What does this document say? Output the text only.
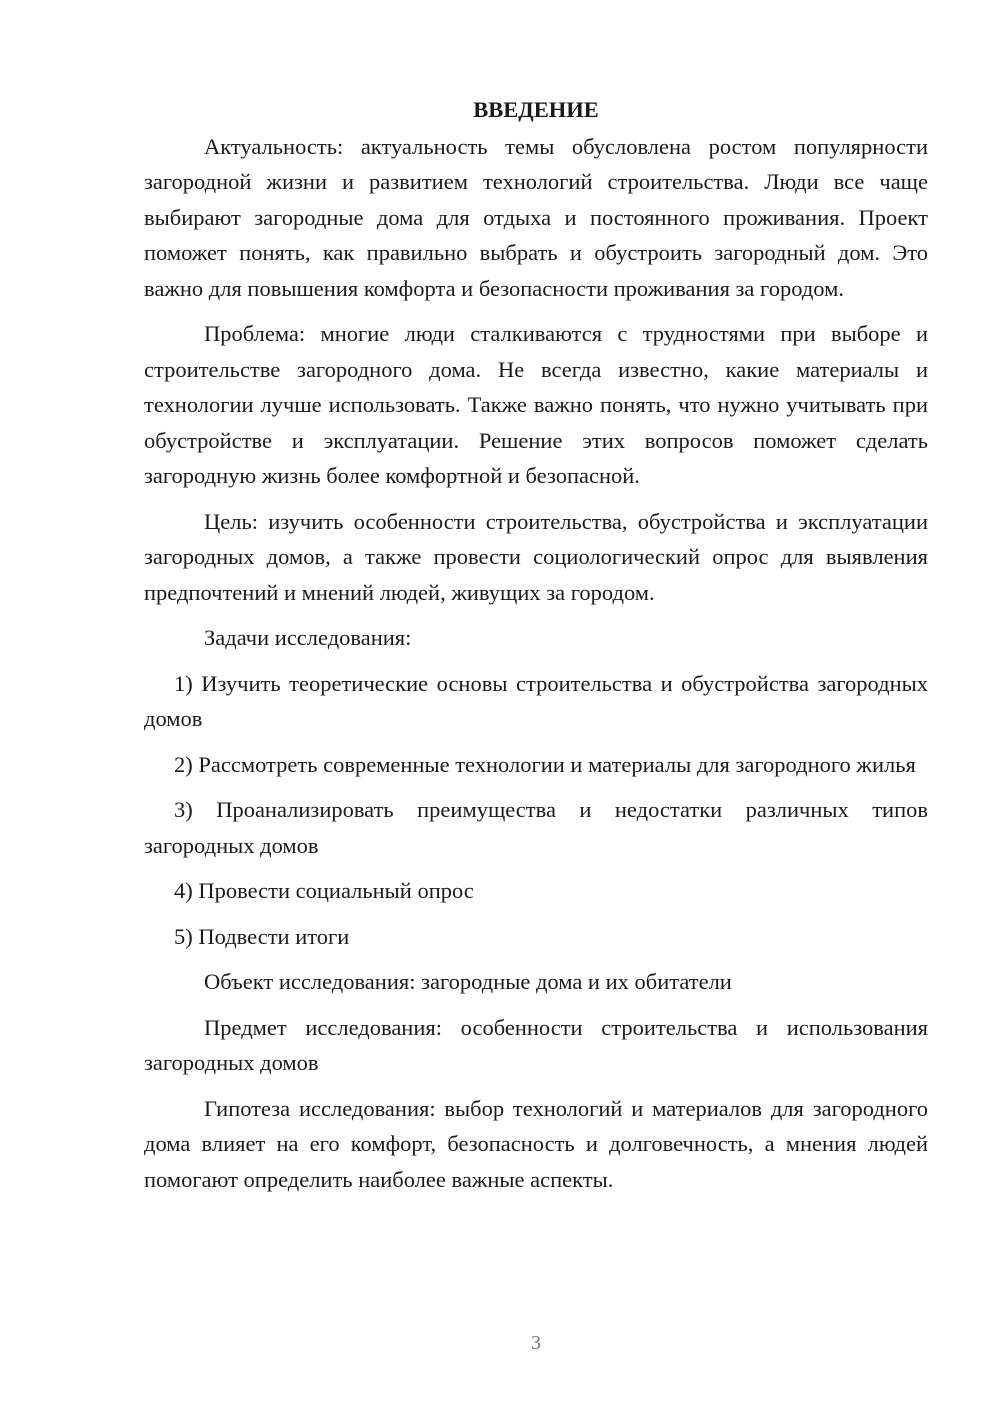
ВВЕДЕНИЕ

Актуальность: актуальность темы обусловлена ростом популярности загородной жизни и развитием технологий строительства. Люди все чаще выбирают загородные дома для отдыха и постоянного проживания. Проект поможет понять, как правильно выбрать и обустроить загородный дом. Это важно для повышения комфорта и безопасности проживания за городом.

Проблема: многие люди сталкиваются с трудностями при выборе и строительстве загородного дома. Не всегда известно, какие материалы и технологии лучше использовать. Также важно понять, что нужно учитывать при обустройстве и эксплуатации. Решение этих вопросов поможет сделать загородную жизнь более комфортной и безопасной.

Цель: изучить особенности строительства, обустройства и эксплуатации загородных домов, а также провести социологический опрос для выявления предпочтений и мнений людей, живущих за городом.

Задачи исследования:

1) Изучить теоретические основы строительства и обустройства загородных домов

2) Рассмотреть современные технологии и материалы для загородного жилья

3) Проанализировать преимущества и недостатки различных типов загородных домов

4) Провести социальный опрос

5) Подвести итоги

Объект исследования: загородные дома и их обитатели

Предмет исследования: особенности строительства и использования загородных домов

Гипотеза исследования: выбор технологий и материалов для загородного дома влияет на его комфорт, безопасность и долговечность, а мнения людей помогают определить наиболее важные аспекты.

3
